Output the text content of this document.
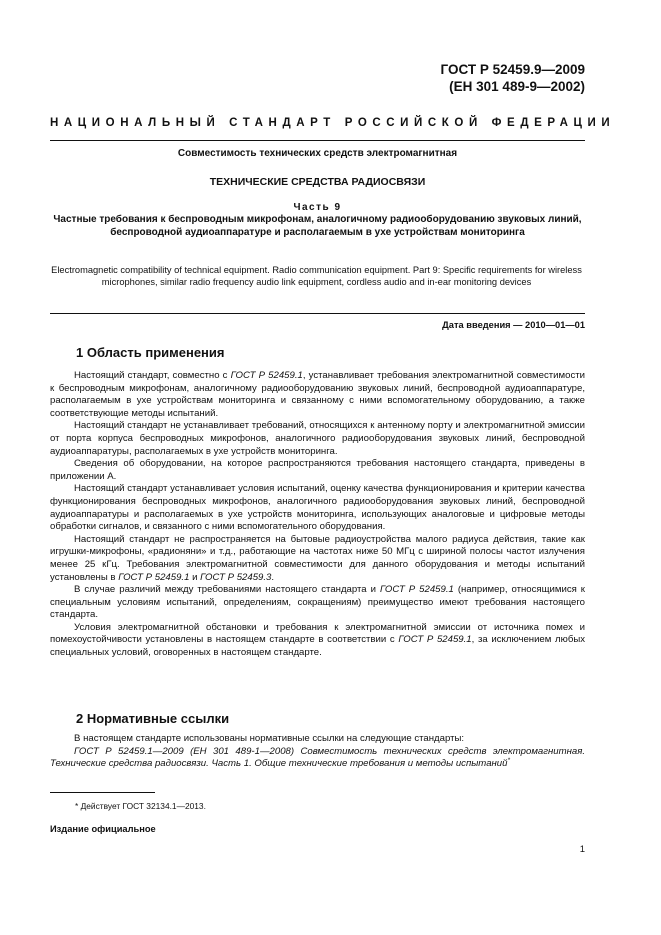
ГОСТ Р 52459.9—2009
(ЕН 301 489-9—2002)
НАЦИОНАЛЬНЫЙ СТАНДАРТ РОССИЙСКОЙ ФЕДЕРАЦИИ
Совместимость технических средств электромагнитная
ТЕХНИЧЕСКИЕ СРЕДСТВА РАДИОСВЯЗИ
Часть 9
Частные требования к беспроводным микрофонам, аналогичному радиооборудованию звуковых линий, беспроводной аудиоаппаратуре и располагаемым в ухе устройствам мониторинга
Electromagnetic compatibility of technical equipment. Radio communication equipment. Part 9: Specific requirements for wireless microphones, similar radio frequency audio link equipment, cordless audio and in-ear monitoring devices
Дата введения — 2010—01—01
1 Область применения

Настоящий стандарт, совместно с ГОСТ Р 52459.1, устанавливает требования электромагнитной совместимости к беспроводным микрофонам, аналогичному радиооборудованию звуковых линий, беспроводной аудиоаппаратуре, располагаемым в ухе устройствам мониторинга и связанному с ними вспомогательному оборудованию, а также соответствующие методы испытаний.

Настоящий стандарт не устанавливает требований, относящихся к антенному порту и электромагнитной эмиссии от порта корпуса беспроводных микрофонов, аналогичного радиооборудования звуковых линий, беспроводной аудиоаппаратуры, располагаемых в ухе устройств мониторинга.

Сведения об оборудовании, на которое распространяются требования настоящего стандарта, приведены в приложении А.

Настоящий стандарт устанавливает условия испытаний, оценку качества функционирования и критерии качества функционирования беспроводных микрофонов, аналогичного радиооборудования звуковых линий, беспроводной аудиоаппаратуры и располагаемых в ухе устройств мониторинга, использующих аналоговые и цифровые методы обработки сигналов, и связанного с ними вспомогательного оборудования.

Настоящий стандарт не распространяется на бытовые радиоустройства малого радиуса действия, такие как игрушки-микрофоны, «радионяни» и т.д., работающие на частотах ниже 50 МГц с шириной полосы частот излучения менее 25 кГц. Требования электромагнитной совместимости для данного оборудования и методы испытаний установлены в ГОСТ Р 52459.1 и ГОСТ Р 52459.3.

В случае различий между требованиями настоящего стандарта и ГОСТ Р 52459.1 (например, относящимися к специальным условиям испытаний, определениям, сокращениям) преимущество имеют требования настоящего стандарта.

Условия электромагнитной обстановки и требования к электромагнитной эмиссии от источника помех и помехоустойчивости установлены в настоящем стандарте в соответствии с ГОСТ Р 52459.1, за исключением любых специальных условий, оговоренных в настоящем стандарте.

2 Нормативные ссылки

В настоящем стандарте использованы нормативные ссылки на следующие стандарты:

ГОСТ Р 52459.1—2009 (ЕН 301 489-1—2008) Совместимость технических средств электромагнитная. Технические средства радиосвязи. Часть 1. Общие технические требования и методы испытаний*

* Действует ГОСТ 32134.1—2013.
Издание официальное
1
